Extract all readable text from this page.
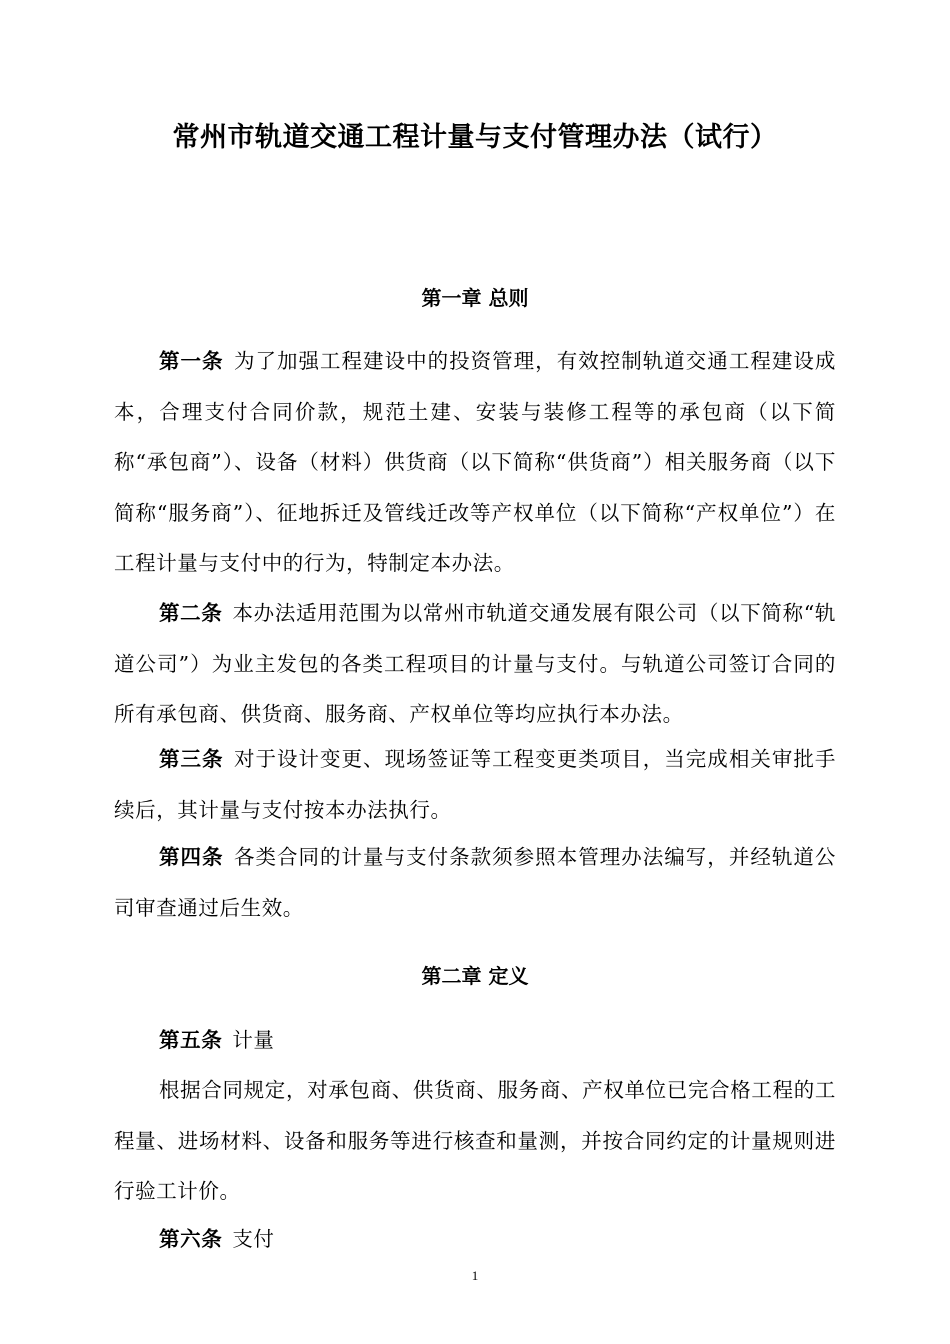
常州市轨道交通工程计量与支付管理办法（试行）
第一章 总则
第一条 为了加强工程建设中的投资管理，有效控制轨道交通工程建设成本，合理支付合同价款，规范土建、安装与装修工程等的承包商（以下简称“承包商”）、设备（材料）供货商（以下简称“供货商”）相关服务商（以下简称“服务商”）、征地拆迁及管线迁改等产权单位（以下简称“产权单位”）在工程计量与支付中的行为，特制定本办法。
第二条 本办法适用范围为以常州市轨道交通发展有限公司（以下简称“轨道公司”）为业主发包的各类工程项目的计量与支付。与轨道公司签订合同的所有承包商、供货商、服务商、产权单位等均应执行本办法。
第三条 对于设计变更、现场签证等工程变更类项目，当完成相关审批手续后，其计量与支付按本办法执行。
第四条 各类合同的计量与支付条款须参照本管理办法编写，并经轨道公司审查通过后生效。
第二章 定义
第五条 计量
根据合同规定，对承包商、供货商、服务商、产权单位已完合格工程的工程量、进场材料、设备和服务等进行核查和量测，并按合同约定的计量规则进行验工计价。
第六条 支付
1
